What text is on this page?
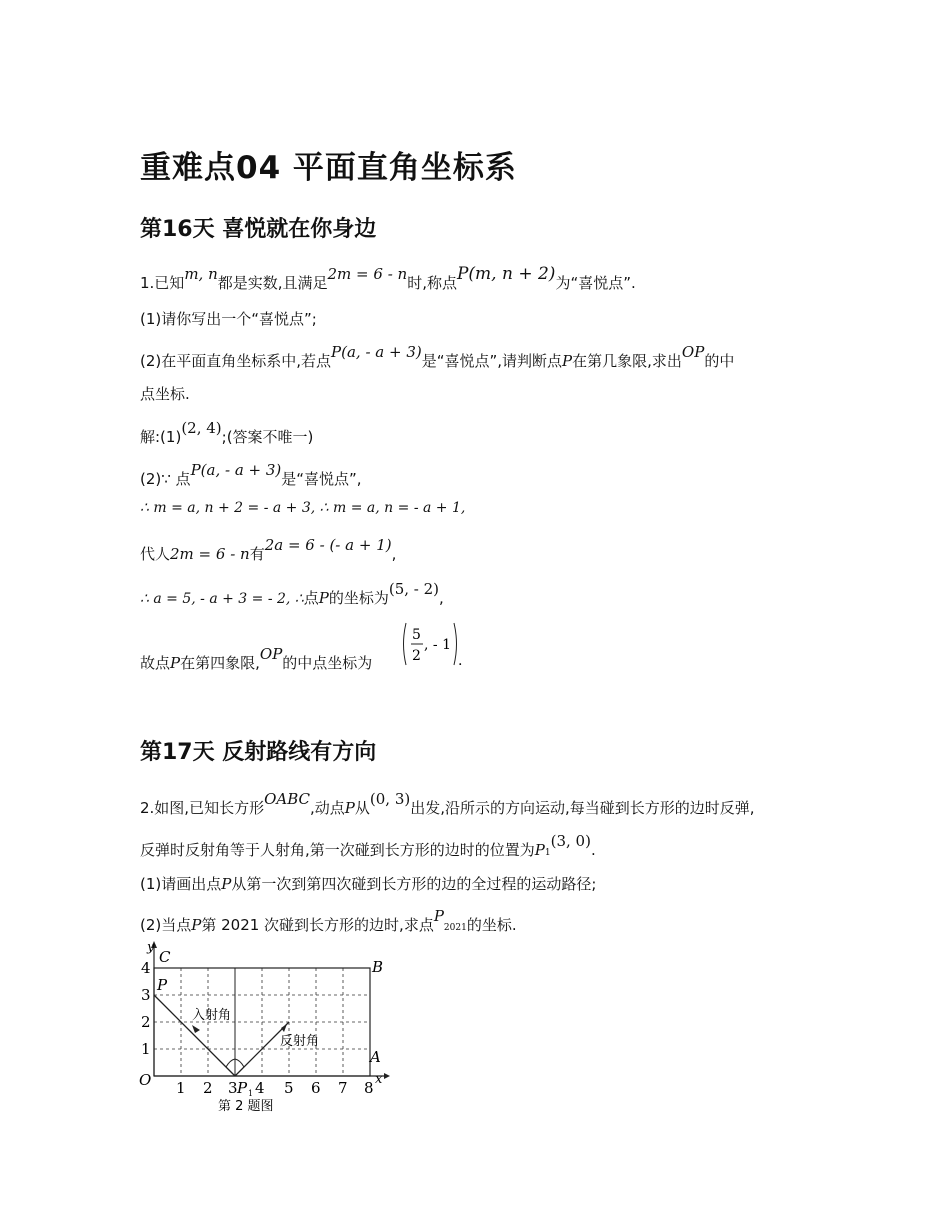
重难点04 平面直角坐标系
第16天 喜悦就在你身边
1.已知m, n都是实数,且满足2m = 6 - n时,称点P(m, n + 2)为“喜悦点”.
(1)请你写出一个“喜悦点”;
(2)在平面直角坐标系中,若点P(a, - a + 3)是“喜悦点”,请判断点P在第几象限,求出OP的中
点坐标.
解:(1)(2, 4);(答案不唯一)
(2)∵ 点P(a, - a + 3)是“喜悦点”,
∴ m = a, n + 2 = - a + 3, ∴ m = a, n = - a + 1,
代人2m = 6 - n有2a = 6 - (- a + 1),
∴ a = 5, - a + 3 = - 2, ∴点P的坐标为(5, - 2),
故点P在第四象限,OP的中点坐标为
5
2
, - 1
.
第17天 反射路线有方向
2.如图,已知长方形OABC,动点P从(0, 3)出发,沿所示的方向运动,每当碰到长方形的边时反弹,
反弹时反射角等于人射角,第一次碰到长方形的边时的位置为P1(3, 0).
(1)请画出点P从第一次到第四次碰到长方形的边的全过程的运动路径;
(2)当点P第 2021 次碰到长方形的边时,求点P2021的坐标.
y
x
C
B
A
O
P
4
3
2
1
1 2 3 4 5 6 7 8
P 1
入射角
反射角
第 2 题图
